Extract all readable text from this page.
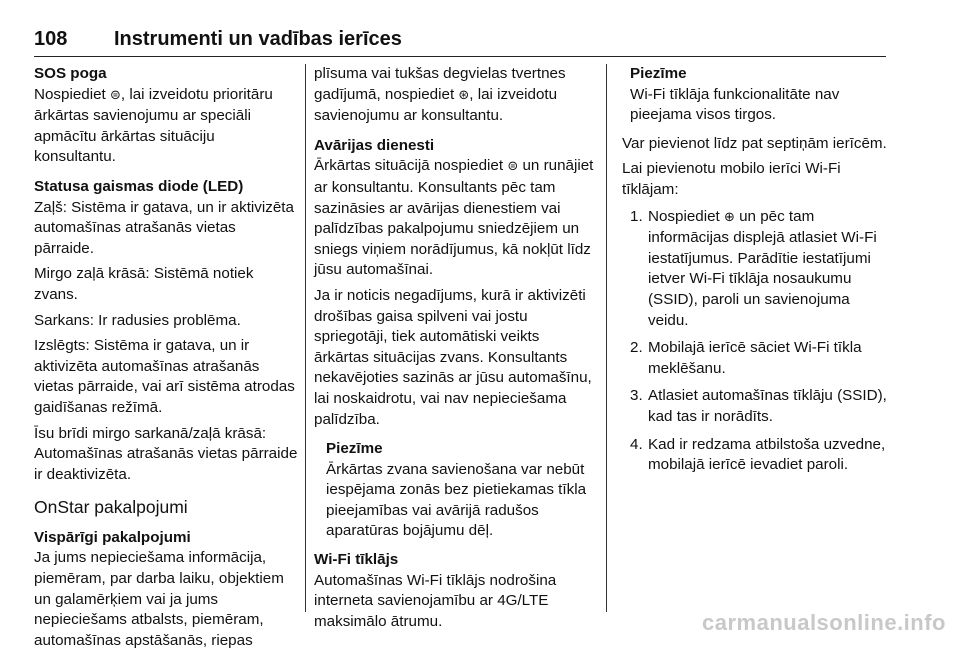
108 Instrumenti un vadības ierīces

SOS poga

Nospiediet ⊜, lai izveidotu prioritāru ārkārtas savienojumu ar speciāli apmācītu ārkārtas situāciju konsultantu.

Statusa gaismas diode (LED)

Zaļš: Sistēma ir gatava, un ir aktivizēta automašīnas atrašanās vietas pārraide.

Mirgo zaļā krāsā: Sistēmā notiek zvans.

Sarkans: Ir radusies problēma.

Izslēgts: Sistēma ir gatava, un ir aktivizēta automašīnas atrašanās vietas pārraide, vai arī sistēma atrodas gaidīšanas režīmā.

Īsu brīdi mirgo sarkanā/zaļā krāsā: Automašīnas atrašanās vietas pārraide ir deaktivizēta.

OnStar pakalpojumi

Vispārīgi pakalpojumi

Ja jums nepieciešama informācija, piemēram, par darba laiku, objektiem un galamērķiem vai ja jums nepieciešams atbalsts, piemēram, automašīnas apstāšanās, riepas

plīsuma vai tukšas degvielas tvertnes gadījumā, nospiediet ⊛, lai izveidotu savienojumu ar konsultantu.

Avārijas dienesti

Ārkārtas situācijā nospiediet ⊜ un runājiet ar konsultantu. Konsultants pēc tam sazināsies ar avārijas dienestiem vai palīdzības pakalpojumu sniedzējiem un sniegs viņiem norādījumus, kā nokļūt līdz jūsu automašīnai.

Ja ir noticis negadījums, kurā ir aktivizēti drošības gaisa spilveni vai jostu spriegotāji, tiek automātiski veikts ārkārtas situācijas zvans. Konsultants nekavējoties sazinās ar jūsu automašīnu, lai noskaidrotu, vai nav nepieciešama palīdzība.

Piezīme

Ārkārtas zvana savienošana var nebūt iespējama zonās bez pietiekamas tīkla pieejamības vai avārijā radušos aparatūras bojājumu dēļ.

Wi-Fi tīklājs

Automašīnas Wi-Fi tīklājs nodrošina interneta savienojamību ar 4G/LTE maksimālo ātrumu.

Piezīme

Wi-Fi tīklāja funkcionalitāte nav pieejama visos tirgos.

Var pievienot līdz pat septiņām ierīcēm.

Lai pievienotu mobilo ierīci Wi-Fi tīklājam:

1. Nospiediet ⊕ un pēc tam informācijas displejā atlasiet Wi-Fi iestatījumus. Parādītie iestatījumi ietver Wi-Fi tīklāja nosaukumu (SSID), paroli un savienojuma veidu.
2. Mobilajā ierīcē sāciet Wi-Fi tīkla meklēšanu.
3. Atlasiet automašīnas tīklāju (SSID), kad tas ir norādīts.
4. Kad ir redzama atbilstoša uzvedne, mobilajā ierīcē ievadiet paroli.
carmanualsonline.info
